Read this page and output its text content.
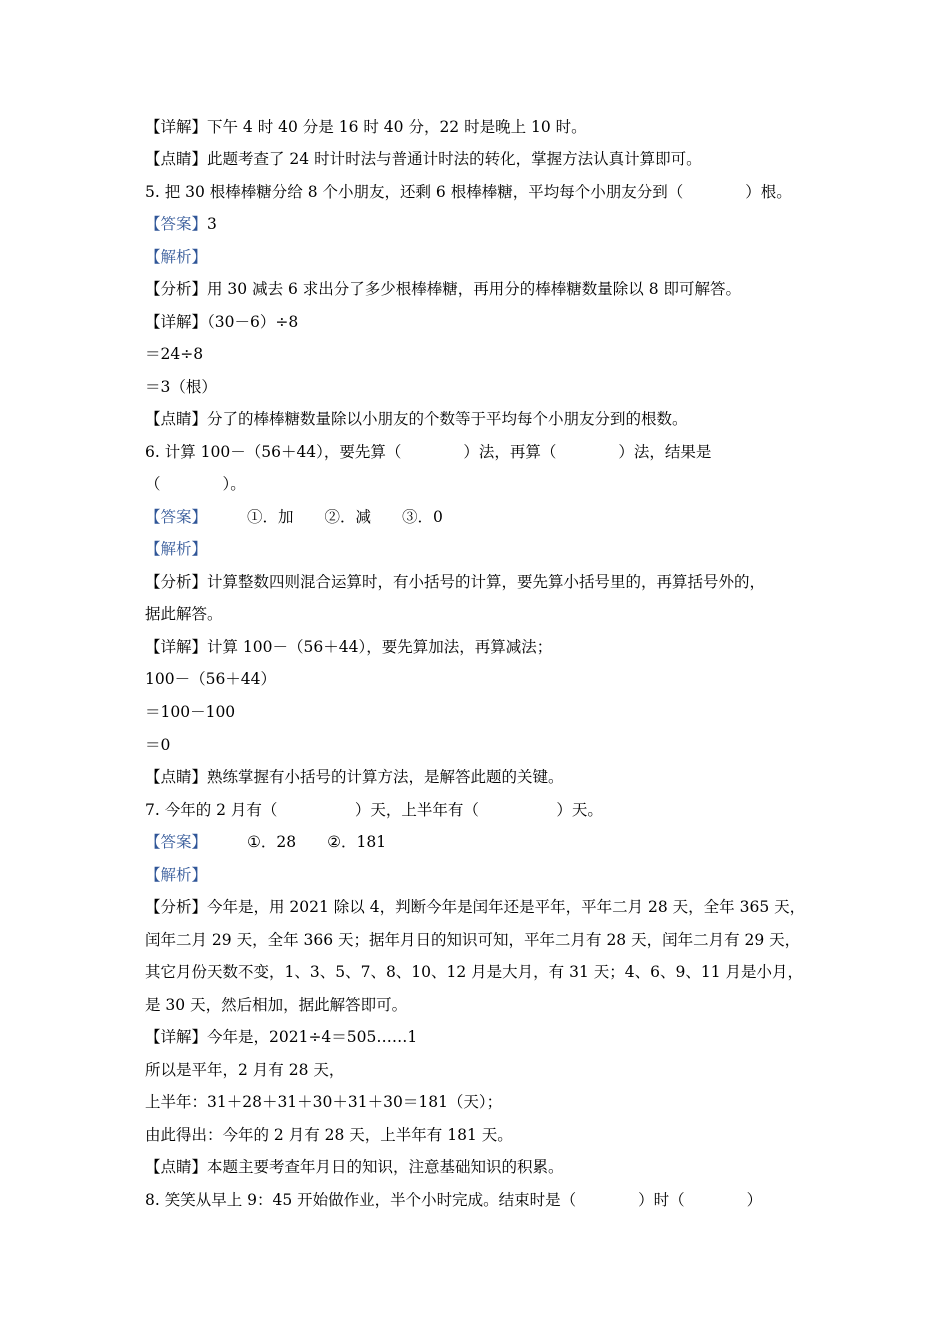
【详解】下午 4 时 40 分是 16 时 40 分，22 时是晚上 10 时。
【点睛】此题考查了 24 时计时法与普通计时法的转化，掌握方法认真计算即可。
5. 把 30 根棒棒糖分给 8 个小朋友，还剩 6 根棒棒糖，平均每个小朋友分到（　　　　）根。
【答案】3
【解析】
【分析】用 30 减去 6 求出分了多少根棒棒糖，再用分的棒棒糖数量除以 8 即可解答。
【详解】（30－6）÷8
＝24÷8
＝3（根）
【点睛】分了的棒棒糖数量除以小朋友的个数等于平均每个小朋友分到的根数。
6. 计算 100－（56＋44），要先算（　　　　）法，再算（　　　　）法，结果是
（　　　　）。
【答案】	①．加　　②．减　　③．0
【解析】
【分析】计算整数四则混合运算时，有小括号的计算，要先算小括号里的，再算括号外的，
据此解答。
【详解】计算 100－（56＋44），要先算加法，再算减法；
100－（56＋44）
＝100－100
＝0
【点睛】熟练掌握有小括号的计算方法，是解答此题的关键。
7. 今年的 2 月有（　　　　　）天，上半年有（　　　　　）天。
【答案】	①．28　　②．181
【解析】
【分析】今年是，用 2021 除以 4，判断今年是闰年还是平年，平年二月 28 天，全年 365 天，
闰年二月 29 天，全年 366 天；据年月日的知识可知，平年二月有 28 天，闰年二月有 29 天，
其它月份天数不变，1、3、5、7、8、10、12 月是大月，有 31 天；4、6、9、11 月是小月，
是 30 天，然后相加，据此解答即可。
【详解】今年是，2021÷4＝505……1
所以是平年，2 月有 28 天，
上半年：31＋28＋31＋30＋31＋30＝181（天）；
由此得出：今年的 2 月有 28 天，上半年有 181 天。
【点睛】本题主要考查年月日的知识，注意基础知识的积累。
8. 笑笑从早上 9：45 开始做作业，半个小时完成。结束时是（　　　　）时（　　　　）
